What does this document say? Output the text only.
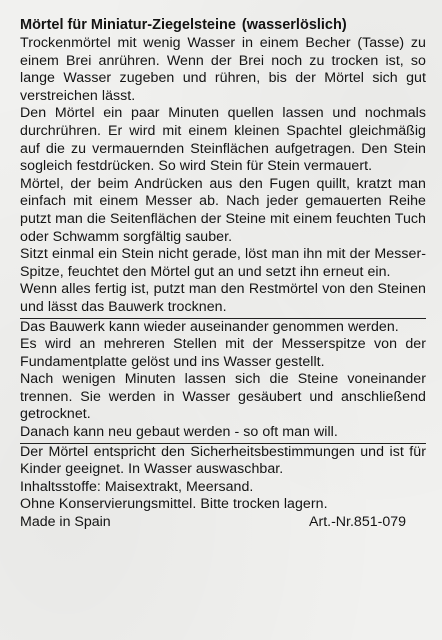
Mörtel für Miniatur-Ziegelsteine (wasserlöslich)

Trockenmörtel mit wenig Wasser in einem Becher (Tasse) zu einem Brei anrühren. Wenn der Brei noch zu trocken ist, so lange Wasser zugeben und rühren, bis der Mörtel sich gut verstreichen lässt.

Den Mörtel ein paar Minuten quellen lassen und nochmals durchrühren. Er wird mit einem kleinen Spachtel gleichmäßig auf die zu vermauernden Steinflächen aufgetragen. Den Stein sogleich festdrücken. So wird Stein für Stein vermauert.

Mörtel, der beim Andrücken aus den Fugen quillt, kratzt man einfach mit einem Messer ab. Nach jeder gemauerten Reihe putzt man die Seitenflächen der Steine mit einem feuchten Tuch oder Schwamm sorgfältig sauber.

Sitzt einmal ein Stein nicht gerade, löst man ihn mit der Messer-Spitze, feuchtet den Mörtel gut an und setzt ihn erneut ein.

Wenn alles fertig ist, putzt man den Restmörtel von den Steinen und lässt das Bauwerk trocknen.

Das Bauwerk kann wieder auseinander genommen werden.

Es wird an mehreren Stellen mit der Messerspitze von der Fundamentplatte gelöst und ins Wasser gestellt.

Nach wenigen Minuten lassen sich die Steine voneinander trennen. Sie werden in Wasser gesäubert und anschließend getrocknet.

Danach kann neu gebaut werden - so oft man will.

Der Mörtel entspricht den Sicherheitsbestimmungen und ist für Kinder geeignet. In Wasser auswaschbar.

Inhaltsstoffe: Maisextrakt, Meersand.

Ohne Konservierungsmittel. Bitte trocken lagern.

Made in Spain	Art.-Nr.851-079
